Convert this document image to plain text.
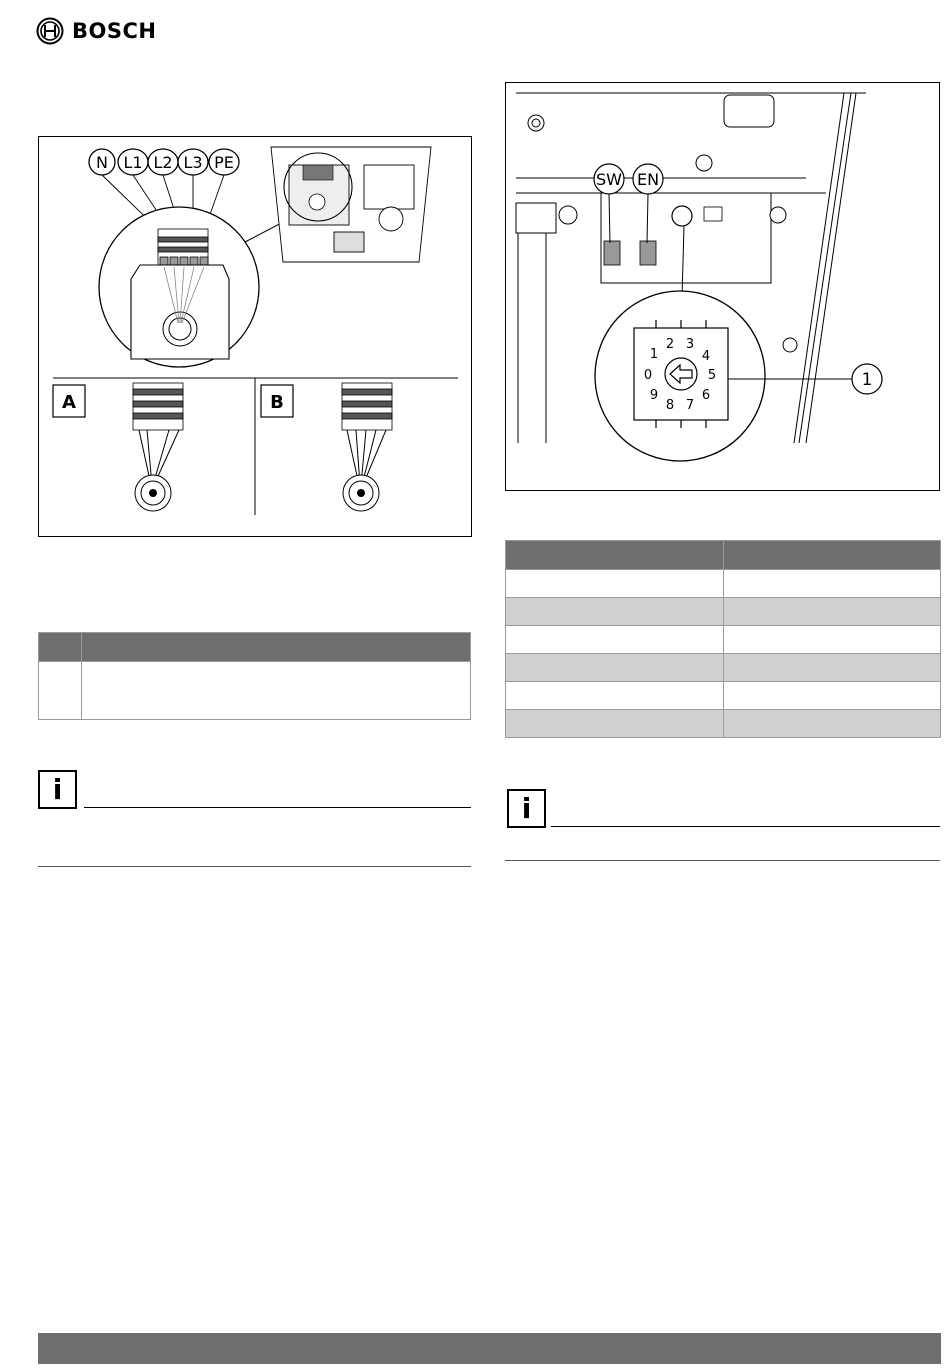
BOSCH
N L1 L2 L3 PE
A	B
SW EN
0
1
2 3
4
5
6
7
8
9
1

i
i
